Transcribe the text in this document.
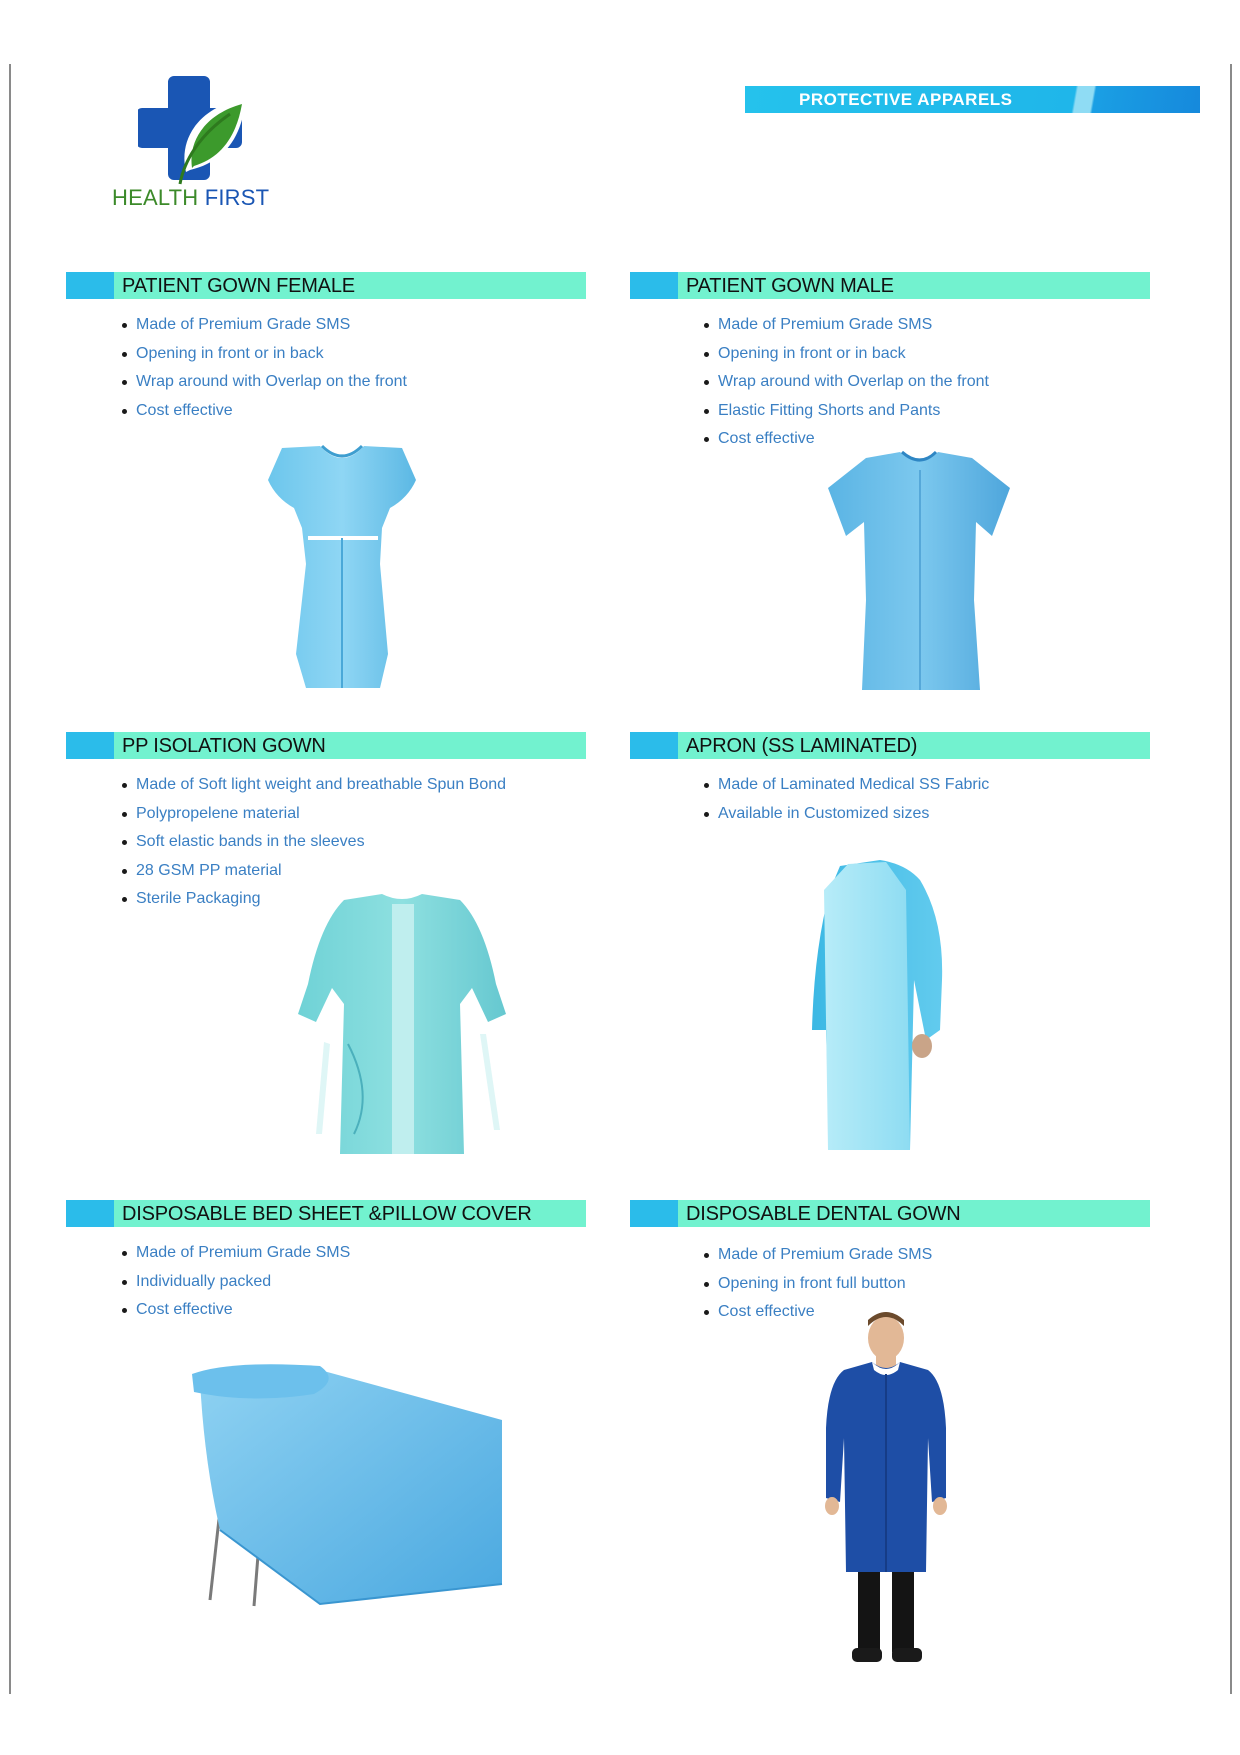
HEALTH FIRST
PROTECTIVE APPARELS
PATIENT GOWN FEMALE
Made of Premium Grade SMS
Opening in front or in back
Wrap around with Overlap on the front
Cost effective
PATIENT GOWN MALE
Made of Premium Grade SMS
Opening in front or in back
Wrap around with Overlap on the front
Elastic Fitting Shorts and Pants
Cost effective
PP ISOLATION GOWN
Made of Soft light weight and breathable Spun Bond
Polypropelene material
Soft elastic bands in the sleeves
28 GSM PP material
Sterile Packaging
APRON (SS LAMINATED)
Made of Laminated Medical SS Fabric
Available in Customized sizes
DISPOSABLE BED SHEET &PILLOW COVER
Made of Premium Grade SMS
Individually packed
Cost effective
DISPOSABLE DENTAL GOWN
Made of Premium Grade SMS
Opening in front full button
Cost effective
